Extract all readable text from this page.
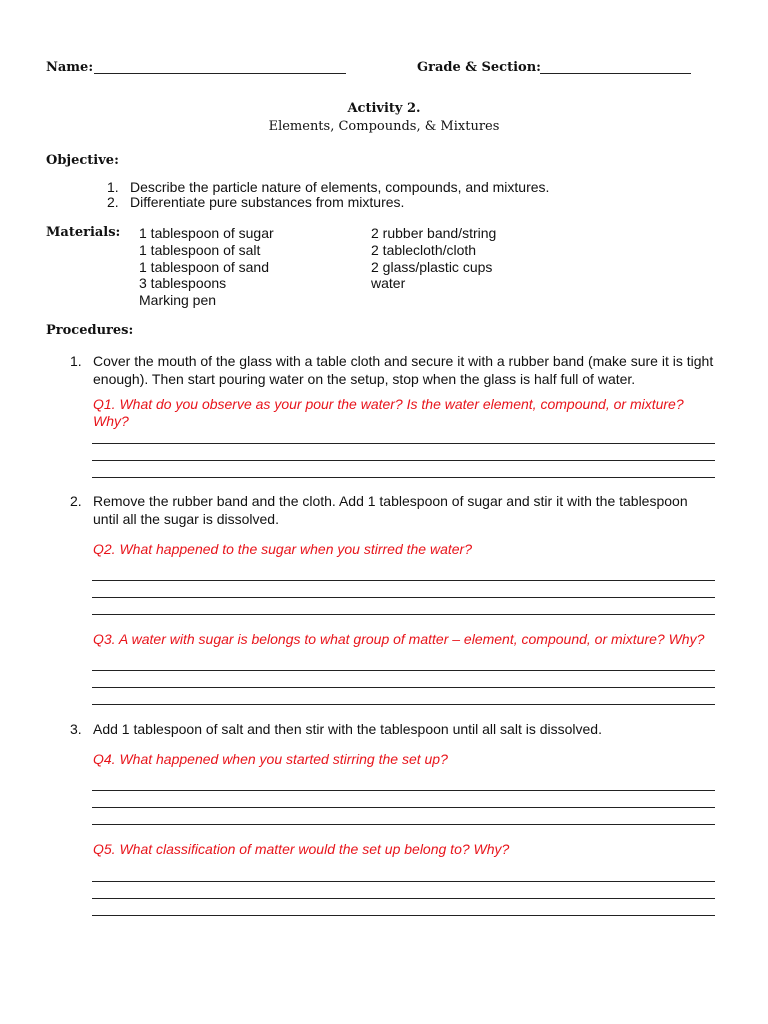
Name:	Grade & Section:
Activity 2.
Elements, Compounds, & Mixtures
Objective:
1. Describe the particle nature of elements, compounds, and mixtures.
2. Differentiate pure substances from mixtures.
Materials: 1 tablespoon of sugar
1 tablespoon of salt
1 tablespoon of sand
3 tablespoons
Marking pen
2 rubber band/string
2 tablecloth/cloth
2 glass/plastic cups
water
Procedures:
1. Cover the mouth of the glass with a table cloth and secure it with a rubber band (make sure it is tight
enough). Then start pouring water on the setup, stop when the glass is half full of water.
Q1. What do you observe as your pour the water? Is the water element, compound, or mixture?
Why?
2. Remove the rubber band and the cloth. Add 1 tablespoon of sugar and stir it with the tablespoon
until all the sugar is dissolved.
Q2. What happened to the sugar when you stirred the water?
Q3. A water with sugar is belongs to what group of matter – element, compound, or mixture? Why?
3. Add 1 tablespoon of salt and then stir with the tablespoon until all salt is dissolved.
Q4. What happened when you started stirring the set up?
Q5. What classification of matter would the set up belong to? Why?
